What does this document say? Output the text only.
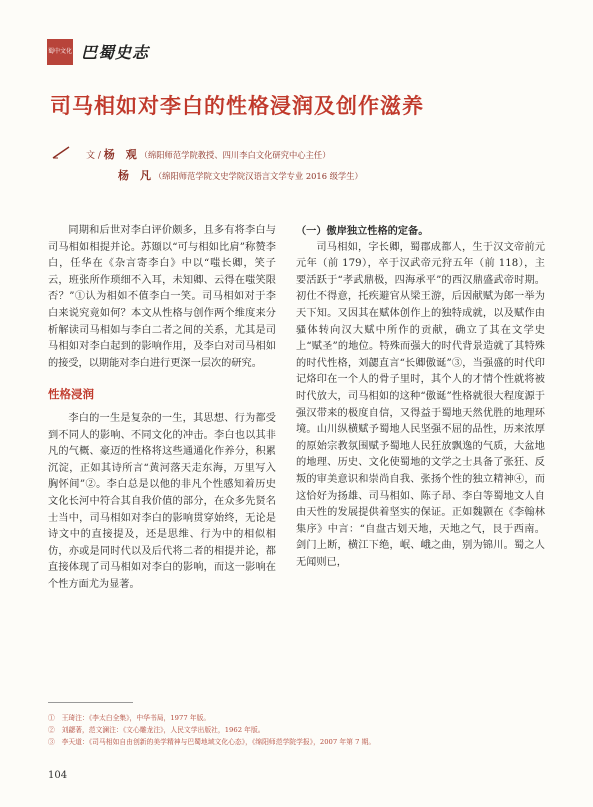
蜀中文化 巴蜀史志
司马相如对李白的性格浸润及创作滋养
文 / 杨　观 （绵阳师范学院教授、四川李白文化研究中心主任）
杨　凡 （绵阳师范学院文史学院汉语言文学专业 2016 级学生）

同期和后世对李白评价颇多，且多有将李白与司马相如相提并论。苏颋以“可与相如比肩”称赞李白，任华在《杂言寄李白》中以“嗤长卿，笑子云，班张所作琐细不入耳，未知卿、云得在嗤笑限否？”①认为相如不值李白一笑。司马相如对于李白来说究竟如何？本文从性格与创作两个维度来分析解读司马相如与李白二者之间的关系，尤其是司马相如对李白起到的影响作用，及李白对司马相如的接受，以期能对李白进行更深一层次的研究。

性格浸润

李白的一生是复杂的一生，其思想、行为都受到不同人的影响、不同文化的冲击。李白也以其非凡的气概、豪迈的性格将这些通通化作养分，积累沉淀，正如其诗所言“黄河落天走东海，万里写入胸怀间”②。李白总是以他的非凡个性感知着历史文化长河中符合其自我价值的部分，在众多先贤名士当中，司马相如对李白的影响贯穿始终，无论是诗文中的直接提及，还是思维、行为中的相似相仿，亦或是同时代以及后代将二者的相提并论，都直接体现了司马相如对李白的影响，而这一影响在个性方面尤为显著。

（一）傲岸独立性格的定备。

司马相如，字长卿，蜀郡成都人，生于汉文帝前元元年（前 179），卒于汉武帝元狩五年（前 118），主要活跃于“孝武鼎极，四海承平”的西汉鼎盛武帝时期。初仕不得意，托疾避官从梁王游，后因献赋为郎一举为天下知。又因其在赋体创作上的独特成就，以及赋作由骚体转向汉大赋中所作的贡献，确立了其在文学史上“赋圣”的地位。特殊而强大的时代背景造就了其特殊的时代性格，刘勰直言“长卿傲诞”③，当强盛的时代印记烙印在一个人的骨子里时，其个人的才情个性就将被时代放大，司马相如的这种“傲诞”性格就很大程度源于强汉带来的极度自信，又得益于蜀地天然优胜的地理环境。山川纵横赋予蜀地人民坚强不屈的品性，历来浓厚的原始宗教氛围赋予蜀地人民狂放飘逸的气质，大盆地的地理、历史、文化使蜀地的文学之士具备了张狂、反叛的审美意识和崇尚自我、张扬个性的独立精神④，而这恰好为扬雄、司马相如、陈子昂、李白等蜀地文人自由天性的发展提供着坚实的保证。正如魏颢在《李翰林集序》中言：“自盘古划天地，天地之气，艮于西南。剑门上断，横江下绝，岷、峨之曲，别为锦川。蜀之人无闻则已，

①　王琦注：《李太白全集》，中华书局，1977 年版。
②　刘勰著，范文澜注：《文心雕龙注》，人民文学出版社，1962 年版。
③　李天道：《司马相如自由创新的美学精神与巴蜀地域文化心态》，《绵阳师范学院学报》，2007 年第 7 期。
104
